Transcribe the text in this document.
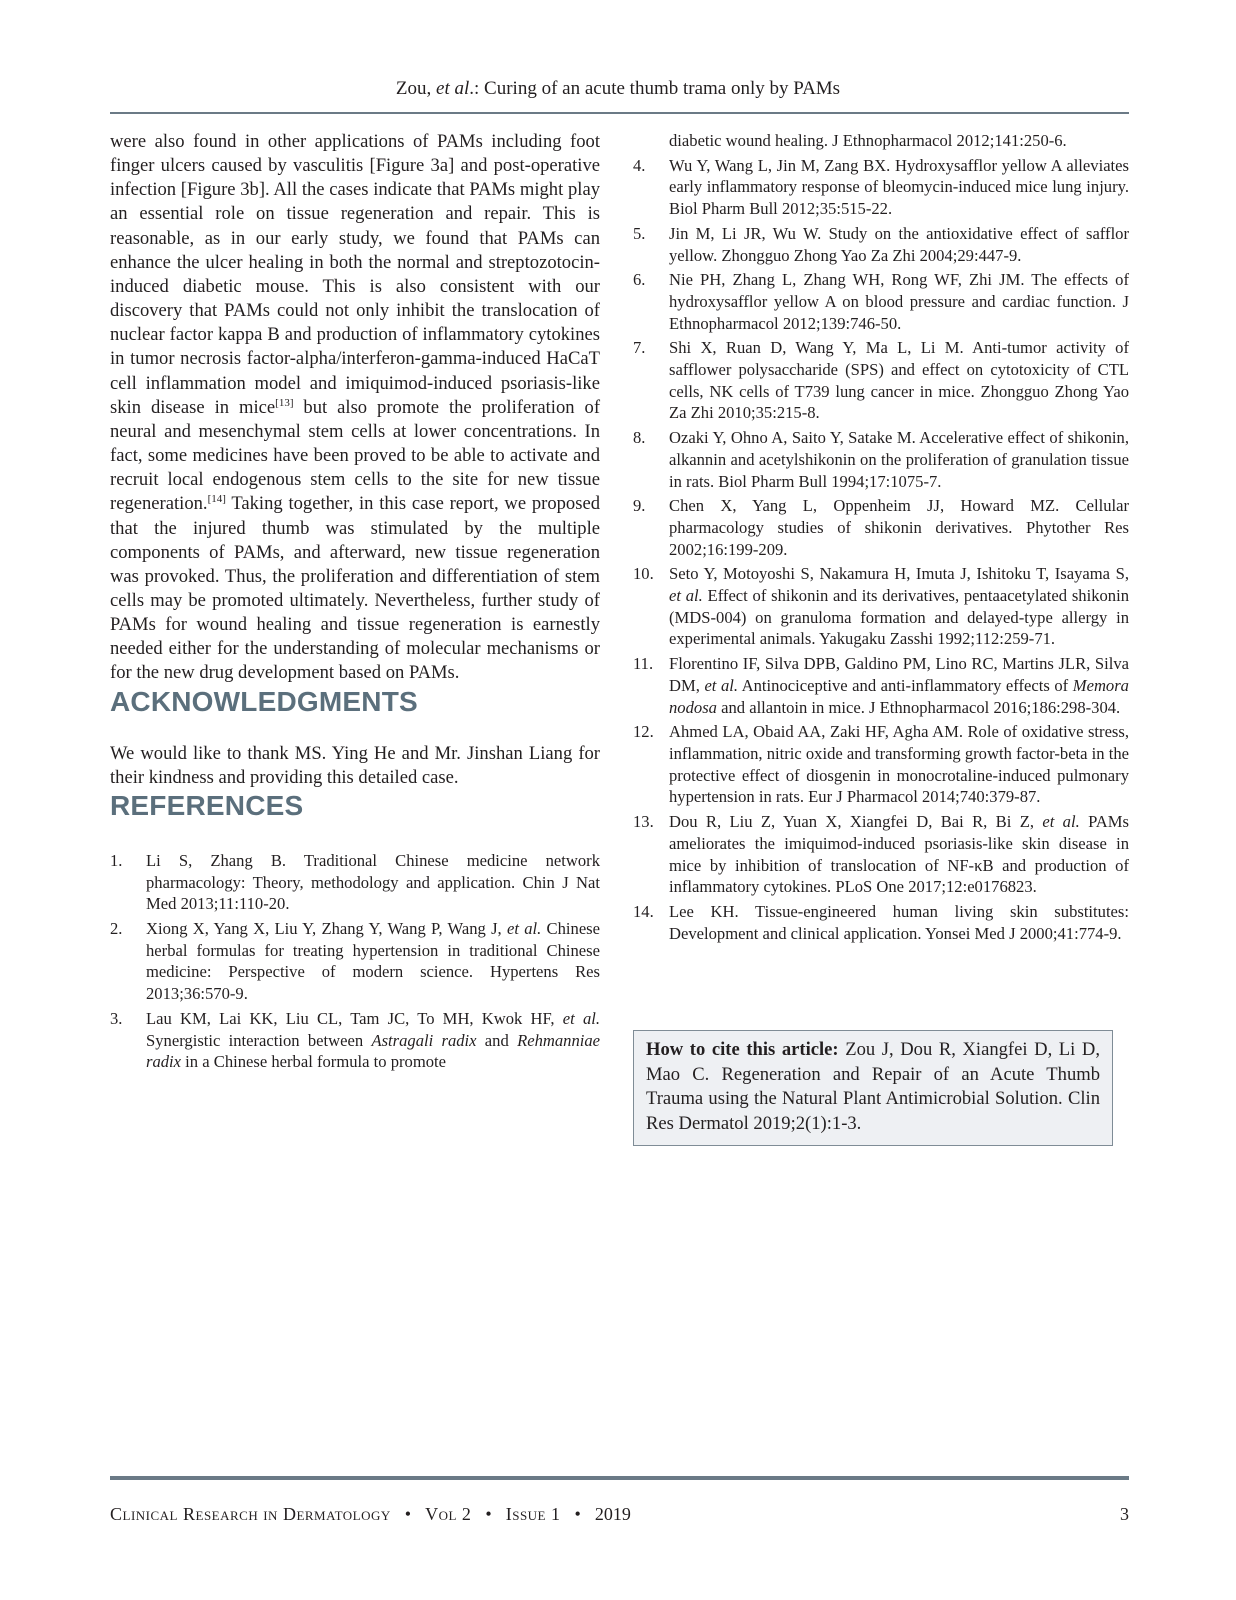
Zou, et al.: Curing of an acute thumb trama only by PAMs

were also found in other applications of PAMs including foot finger ulcers caused by vasculitis [Figure 3a] and post-operative infection [Figure 3b]. All the cases indicate that PAMs might play an essential role on tissue regeneration and repair. This is reasonable, as in our early study, we found that PAMs can enhance the ulcer healing in both the normal and streptozotocin-induced diabetic mouse. This is also consistent with our discovery that PAMs could not only inhibit the translocation of nuclear factor kappa B and production of inflammatory cytokines in tumor necrosis factor-alpha/interferon-gamma-induced HaCaT cell inflammation model and imiquimod-induced psoriasis-like skin disease in mice[13] but also promote the proliferation of neural and mesenchymal stem cells at lower concentrations. In fact, some medicines have been proved to be able to activate and recruit local endogenous stem cells to the site for new tissue regeneration.[14] Taking together, in this case report, we proposed that the injured thumb was stimulated by the multiple components of PAMs, and afterward, new tissue regeneration was provoked. Thus, the proliferation and differentiation of stem cells may be promoted ultimately. Nevertheless, further study of PAMs for wound healing and tissue regeneration is earnestly needed either for the understanding of molecular mechanisms or for the new drug development based on PAMs.

ACKNOWLEDGMENTS

We would like to thank MS. Ying He and Mr. Jinshan Liang for their kindness and providing this detailed case.

REFERENCES
1. Li S, Zhang B. Traditional Chinese medicine network pharmacology: Theory, methodology and application. Chin J Nat Med 2013;11:110-20.
2. Xiong X, Yang X, Liu Y, Zhang Y, Wang P, Wang J, et al. Chinese herbal formulas for treating hypertension in traditional Chinese medicine: Perspective of modern science. Hypertens Res 2013;36:570-9.
3. Lau KM, Lai KK, Liu CL, Tam JC, To MH, Kwok HF, et al. Synergistic interaction between Astragali radix and Rehmanniae radix in a Chinese herbal formula to promote
diabetic wound healing. J Ethnopharmacol 2012;141:250-6.
4. Wu Y, Wang L, Jin M, Zang BX. Hydroxysafflor yellow A alleviates early inflammatory response of bleomycin-induced mice lung injury. Biol Pharm Bull 2012;35:515-22.
5. Jin M, Li JR, Wu W. Study on the antioxidative effect of safflor yellow. Zhongguo Zhong Yao Za Zhi 2004;29:447-9.
6. Nie PH, Zhang L, Zhang WH, Rong WF, Zhi JM. The effects of hydroxysafflor yellow A on blood pressure and cardiac function. J Ethnopharmacol 2012;139:746-50.
7. Shi X, Ruan D, Wang Y, Ma L, Li M. Anti-tumor activity of safflower polysaccharide (SPS) and effect on cytotoxicity of CTL cells, NK cells of T739 lung cancer in mice. Zhongguo Zhong Yao Za Zhi 2010;35:215-8.
8. Ozaki Y, Ohno A, Saito Y, Satake M. Accelerative effect of shikonin, alkannin and acetylshikonin on the proliferation of granulation tissue in rats. Biol Pharm Bull 1994;17:1075-7.
9. Chen X, Yang L, Oppenheim JJ, Howard MZ. Cellular pharmacology studies of shikonin derivatives. Phytother Res 2002;16:199-209.
10. Seto Y, Motoyoshi S, Nakamura H, Imuta J, Ishitoku T, Isayama S, et al. Effect of shikonin and its derivatives, pentaacetylated shikonin (MDS-004) on granuloma formation and delayed-type allergy in experimental animals. Yakugaku Zasshi 1992;112:259-71.
11. Florentino IF, Silva DPB, Galdino PM, Lino RC, Martins JLR, Silva DM, et al. Antinociceptive and anti-inflammatory effects of Memora nodosa and allantoin in mice. J Ethnopharmacol 2016;186:298-304.
12. Ahmed LA, Obaid AA, Zaki HF, Agha AM. Role of oxidative stress, inflammation, nitric oxide and transforming growth factor-beta in the protective effect of diosgenin in monocrotaline-induced pulmonary hypertension in rats. Eur J Pharmacol 2014;740:379-87.
13. Dou R, Liu Z, Yuan X, Xiangfei D, Bai R, Bi Z, et al. PAMs ameliorates the imiquimod-induced psoriasis-like skin disease in mice by inhibition of translocation of NF-κB and production of inflammatory cytokines. PLoS One 2017;12:e0176823.
14. Lee KH. Tissue-engineered human living skin substitutes: Development and clinical application. Yonsei Med J 2000;41:774-9.

How to cite this article: Zou J, Dou R, Xiangfei D, Li D, Mao C. Regeneration and Repair of an Acute Thumb Trauma using the Natural Plant Antimicrobial Solution. Clin Res Dermatol 2019;2(1):1-3.

Clinical Research in Dermatology • Vol 2 • Issue 1 • 2019	3
